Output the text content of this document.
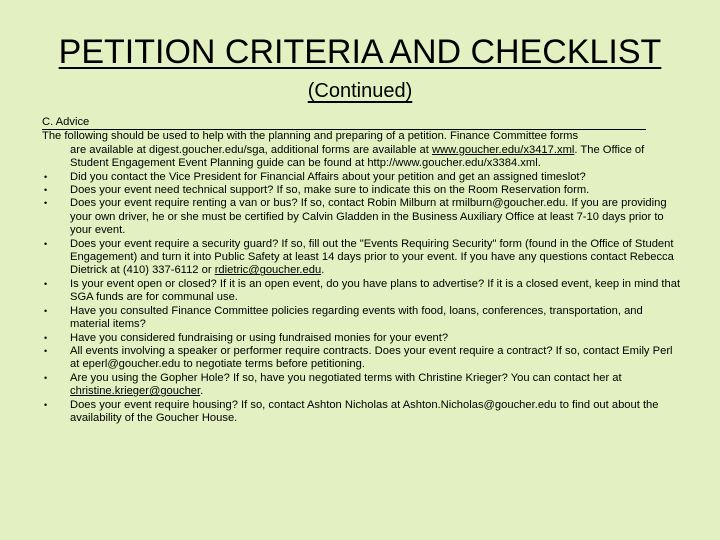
PETITION CRITERIA AND CHECKLIST
(Continued)
C. Advice
The following should be used to help with the planning and preparing of a petition. Finance Committee forms
are available at digest.goucher.edu/sga, additional forms are available at www.goucher.edu/x3417.xml. The Office of Student Engagement Event Planning guide can be found at http://www.goucher.edu/x3384.xml.
• Did you contact the Vice President for Financial Affairs about your petition and get an assigned timeslot?
• Does your event need technical support? If so, make sure to indicate this on the Room Reservation form.
• Does your event require renting a van or bus? If so, contact Robin Milburn at rmilburn@goucher.edu. If you are providing your own driver, he or she must be certified by Calvin Gladden in the Business Auxiliary Office at least 7-10 days prior to your event.
• Does your event require a security guard? If so, fill out the "Events Requiring Security" form (found in the Office of Student Engagement) and turn it into Public Safety at least 14 days prior to your event. If you have any questions contact Rebecca Dietrick at (410) 337-6112 or rdietric@goucher.edu.
• Is your event open or closed? If it is an open event, do you have plans to advertise? If it is a closed event, keep in mind that SGA funds are for communal use.
• Have you consulted Finance Committee policies regarding events with food, loans, conferences, transportation, and material items?
• Have you considered fundraising or using fundraised monies for your event?
• All events involving a speaker or performer require contracts. Does your event require a contract? If so, contact Emily Perl at eperl@goucher.edu to negotiate terms before petitioning.
• Are you using the Gopher Hole? If so, have you negotiated terms with Christine Krieger? You can contact her at christine.krieger@goucher.
• Does your event require housing? If so, contact Ashton Nicholas at Ashton.Nicholas@goucher.edu to find out about the availability of the Goucher House.
